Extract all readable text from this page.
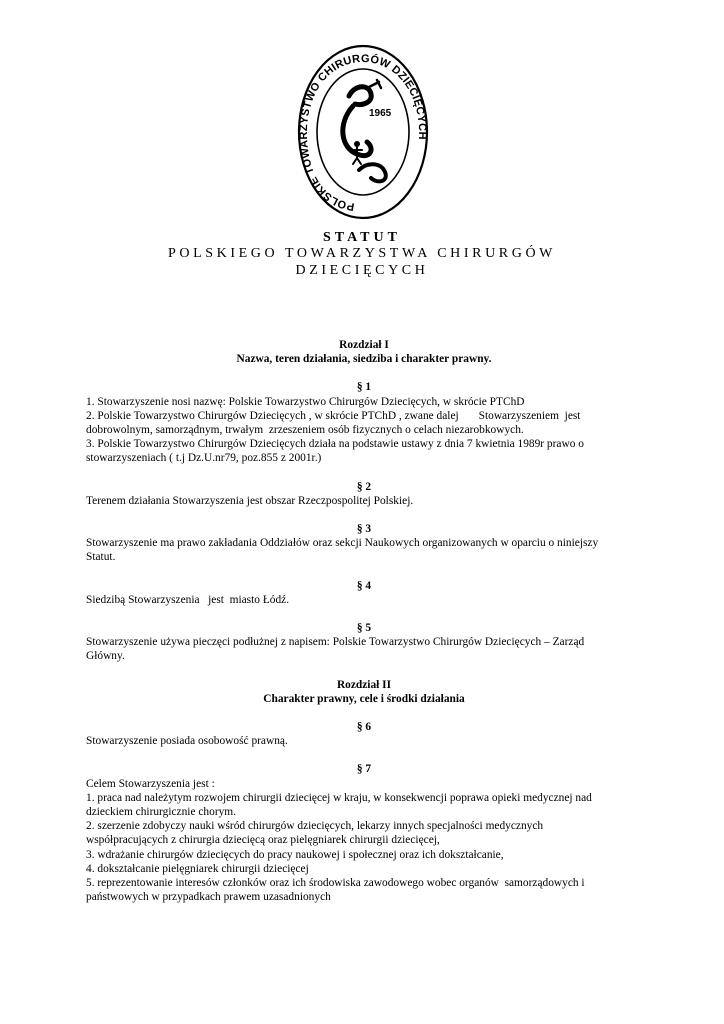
POLSKIE TOWARZYSTWO CHIRURGÓW DZIECIĘCYCH
1965
STATUT
POLSKIEGO TOWARZYSTWA CHIRURGÓW
DZIECIĘCYCH
Rozdział I
Nazwa, teren działania, siedziba i charakter prawny.
§ 1
1. Stowarzyszenie nosi nazwę: Polskie Towarzystwo Chirurgów Dziecięcych, w skrócie PTChD
2. Polskie Towarzystwo Chirurgów Dziecięcych , w skrócie PTChD , zwane dalej       Stowarzyszeniem  jest
dobrowolnym, samorządnym, trwałym  zrzeszeniem osób fizycznych o celach niezarobkowych.
3. Polskie Towarzystwo Chirurgów Dziecięcych działa na podstawie ustawy z dnia 7 kwietnia 1989r prawo o
stowarzyszeniach ( t.j Dz.U.nr79, poz.855 z 2001r.)
§ 2
Terenem działania Stowarzyszenia jest obszar Rzeczpospolitej Polskiej.
§ 3
Stowarzyszenie ma prawo zakładania Oddziałów oraz sekcji Naukowych organizowanych w oparciu o niniejszy
Statut.
§ 4
Siedzibą Stowarzyszenia   jest  miasto Łódź.
§ 5
Stowarzyszenie używa pieczęci podłużnej z napisem: Polskie Towarzystwo Chirurgów Dziecięcych – Zarząd
Główny.
Rozdział II
Charakter prawny, cele i środki działania
§ 6
Stowarzyszenie posiada osobowość prawną.
§ 7
Celem Stowarzyszenia jest :
1. praca nad należytym rozwojem chirurgii dziecięcej w kraju, w konsekwencji poprawa opieki medycznej nad
dzieckiem chirurgicznie chorym.
2. szerzenie zdobyczy nauki wśród chirurgów dziecięcych, lekarzy innych specjalności medycznych
współpracujących z chirurgia dziecięcą oraz pielęgniarek chirurgii dziecięcej,
3. wdrażanie chirurgów dziecięcych do pracy naukowej i społecznej oraz ich dokształcanie,
4. dokształcanie pielęgniarek chirurgii dziecięcej
5. reprezentowanie interesów członków oraz ich środowiska zawodowego wobec organów  samorządowych i
państwowych w przypadkach prawem uzasadnionych
